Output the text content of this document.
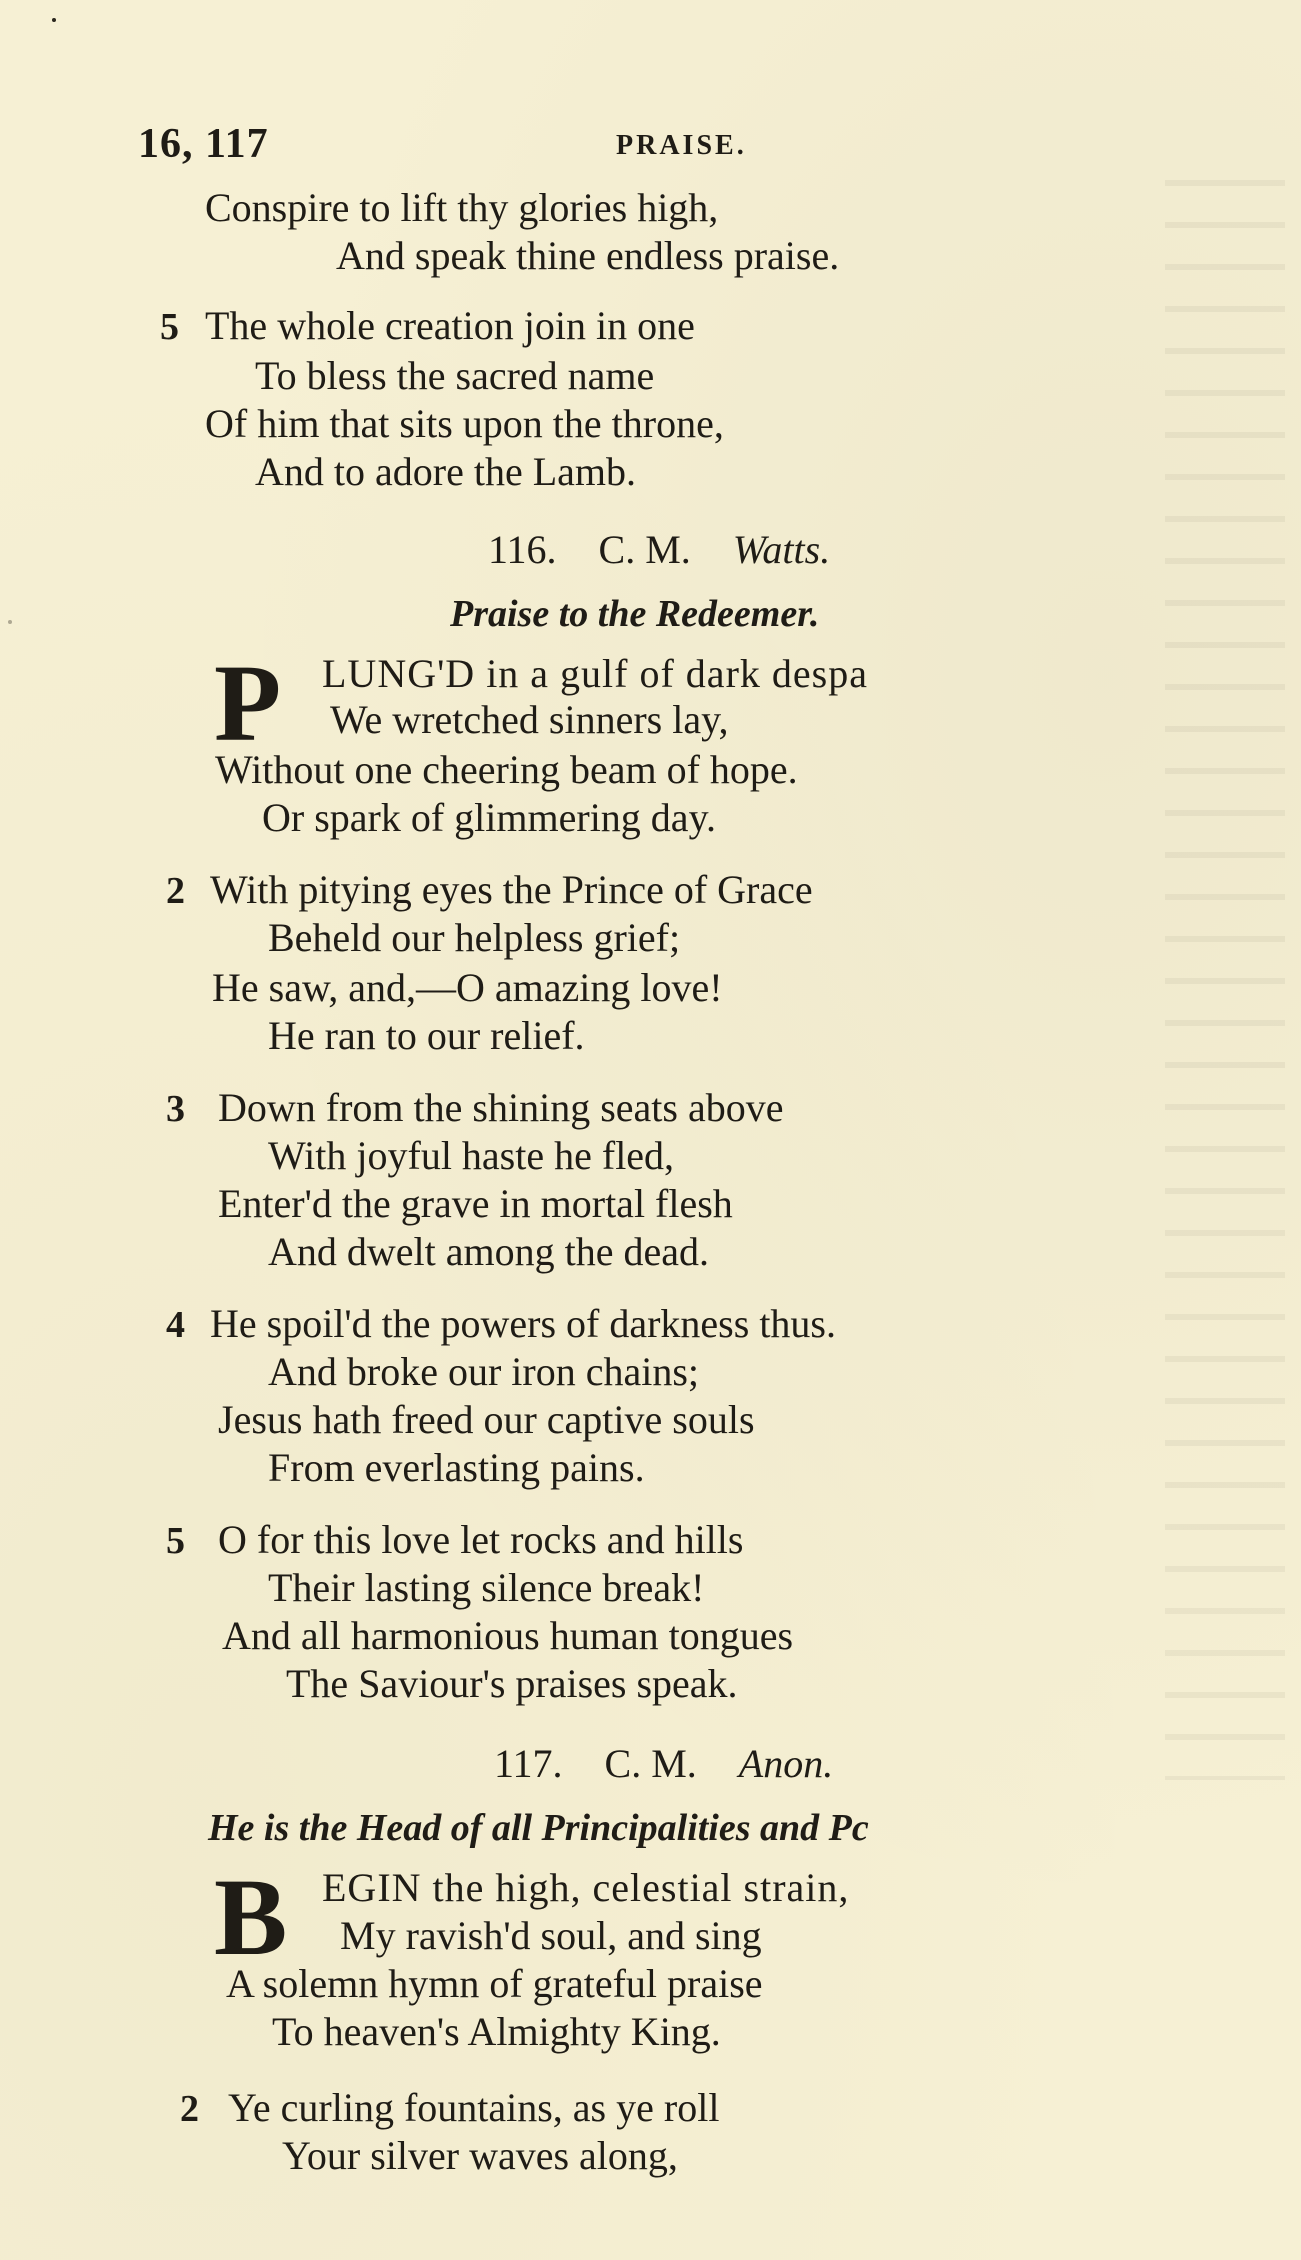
16, 117	PRAISE.
Conspire to lift thy glories high,
And speak thine endless praise.
5 The whole creation join in one
To bless the sacred name
Of him that sits upon the throne,
And to adore the Lamb.
116. C. M. Watts.
Praise to the Redeemer.
P LUNG'D in a gulf of dark despa
We wretched sinners lay,
Without one cheering beam of hope.
Or spark of glimmering day.
2 With pitying eyes the Prince of Grace
Beheld our helpless grief;
He saw, and,—O amazing love!
He ran to our relief.
3 Down from the shining seats above
With joyful haste he fled,
Enter'd the grave in mortal flesh
And dwelt among the dead.
4 He spoil'd the powers of darkness thus.
And broke our iron chains;
Jesus hath freed our captive souls
From everlasting pains.
5 O for this love let rocks and hills
Their lasting silence break!
And all harmonious human tongues
The Saviour's praises speak.
117. C. M. Anon.
He is the Head of all Principalities and Pc
B EGIN the high, celestial strain,
My ravish'd soul, and sing
A solemn hymn of grateful praise
To heaven's Almighty King.
2 Ye curling fountains, as ye roll
Your silver waves along,
